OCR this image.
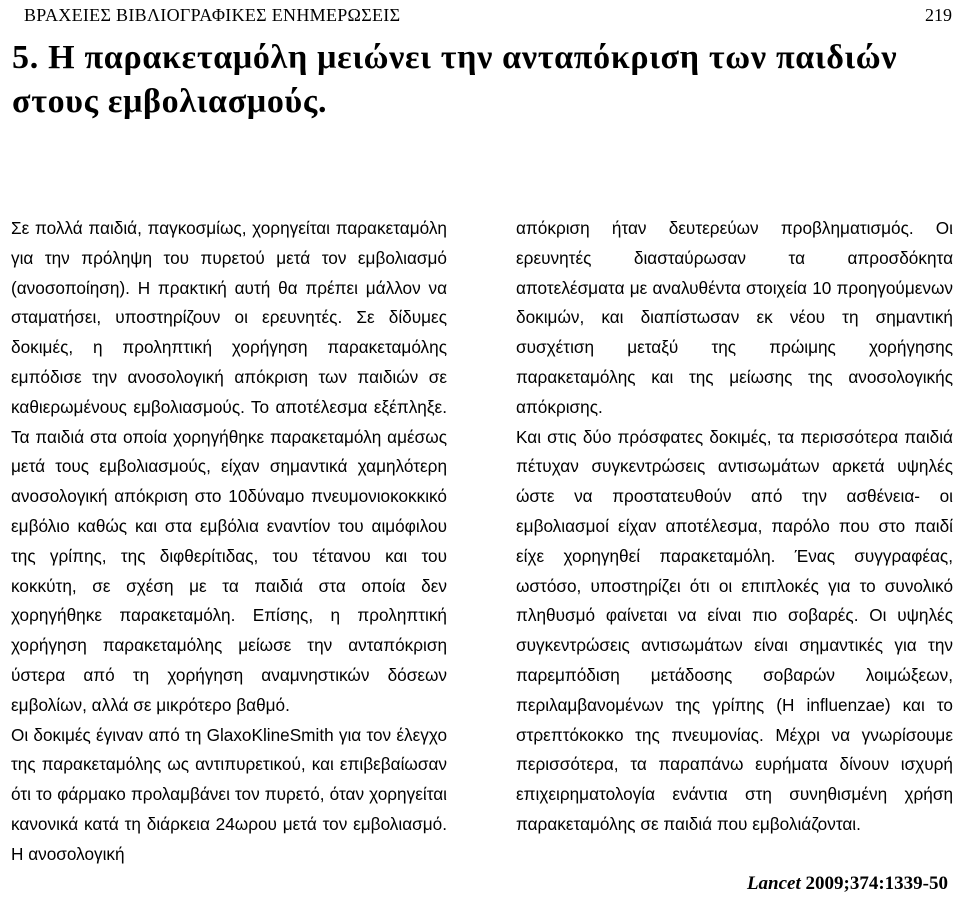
ΒΡΑΧΕΙΕΣ ΒΙΒΛΙΟΓΡΑΦΙΚΕΣ ΕΝΗΜΕΡΩΣΕΙΣ	219
5. Η παρακεταμόλη μειώνει την ανταπόκριση των παιδιών στους εμβολιασμούς.

Σε πολλά παιδιά, παγκοσμίως, χορηγείται παρακεταμόλη για την πρόληψη του πυρετού μετά τον εμβολιασμό (ανοσοποίηση). Η πρακτική αυτή θα πρέπει μάλλον να σταματήσει, υποστηρίζουν οι ερευνητές. Σε δίδυμες δοκιμές, η προληπτική χορήγηση παρακεταμόλης εμπόδισε την ανοσολογική απόκριση των παιδιών σε καθιερωμένους εμβολιασμούς. Το αποτέλεσμα εξέπληξε. Τα παιδιά στα οποία χορηγήθηκε παρακεταμόλη αμέσως μετά τους εμβολιασμούς, είχαν σημαντικά χαμηλότερη ανοσολογική απόκριση στο 10δύναμο πνευμονιοκοκκικό εμβόλιο καθώς και στα εμβόλια εναντίον του αιμόφιλου της γρίπης, της διφθερίτιδας, του τέτανου και του κοκκύτη, σε σχέση με τα παιδιά στα οποία δεν χορηγήθηκε παρακεταμόλη. Επίσης, η προληπτική χορήγηση παρακεταμόλης μείωσε την ανταπόκριση ύστερα από τη χορήγηση αναμνηστικών δόσεων εμβολίων, αλλά σε μικρότερο βαθμό.

Οι δοκιμές έγιναν από τη GlaxoKlineSmith για τον έλεγχο της παρακεταμόλης ως αντιπυρετικού, και επιβεβαίωσαν ότι το φάρμακο προλαμβάνει τον πυρετό, όταν χορηγείται κανονικά κατά τη διάρκεια 24ωρου μετά τον εμβολιασμό. Η ανοσολογική

απόκριση ήταν δευτερεύων προβληματισμός. Οι ερευνητές διασταύρωσαν τα απροσδόκητα αποτελέσματα με αναλυθέντα στοιχεία 10 προηγούμενων δοκιμών, και διαπίστωσαν εκ νέου τη σημαντική συσχέτιση μεταξύ της πρώιμης χορήγησης παρακεταμόλης και της μείωσης της ανοσολογικής απόκρισης.

Και στις δύο πρόσφατες δοκιμές, τα περισσότερα παιδιά πέτυχαν συγκεντρώσεις αντισωμάτων αρκετά υψηλές ώστε να προστατευθούν από την ασθένεια- οι εμβολιασμοί είχαν αποτέλεσμα, παρόλο που στο παιδί είχε χορηγηθεί παρακεταμόλη. Ένας συγγραφέας, ωστόσο, υποστηρίζει ότι οι επιπλοκές για το συνολικό πληθυσμό φαίνεται να είναι πιο σοβαρές. Οι υψηλές συγκεντρώσεις αντισωμάτων είναι σημαντικές για την παρεμπόδιση μετάδοσης σοβαρών λοιμώξεων, περιλαμβανομένων της γρίπης (H influenzae) και το στρεπτόκοκκο της πνευμονίας. Μέχρι να γνωρίσουμε περισσότερα, τα παραπάνω ευρήματα δίνουν ισχυρή επιχειρηματολογία ενάντια στη συνηθισμένη χρήση παρακεταμόλης σε παιδιά που εμβολιάζονται.

Lancet 2009;374:1339-50
